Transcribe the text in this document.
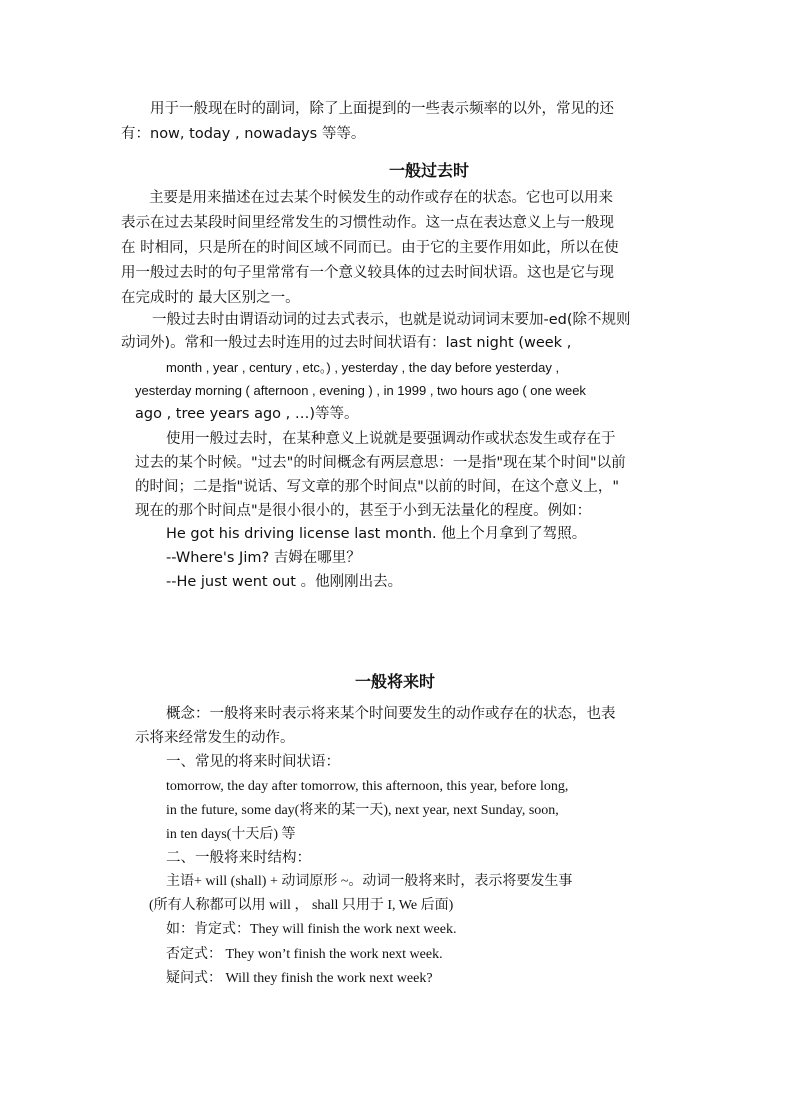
用于一般现在时的副词，除了上面提到的一些表示频率的以外，常见的还
有：now, today , nowadays 等等。
一般过去时
主要是用来描述在过去某个时候发生的动作或存在的状态。它也可以用来
表示在过去某段时间里经常发生的习惯性动作。这一点在表达意义上与一般现
在 时相同，只是所在的时间区域不同而已。由于它的主要作用如此，所以在使
用一般过去时的句子里常常有一个意义较具体的过去时间状语。这也是它与现
在完成时的 最大区别之一。
一般过去时由谓语动词的过去式表示，也就是说动词词末要加-ed(除不规则
动词外)。常和一般过去时连用的过去时间状语有：last night (week ,
month , year , century , etc。) , yesterday , the day before yesterday ,
yesterday morning ( afternoon , evening ) , in 1999 , two hours ago ( one week
ago , tree years ago , …)等等。
使用一般过去时，在某种意义上说就是要强调动作或状态发生或存在于
过去的某个时候。"过去"的时间概念有两层意思：一是指"现在某个时间"以前
的时间；二是指"说话、写文章的那个时间点"以前的时间，在这个意义上，"
现在的那个时间点"是很小很小的，甚至于小到无法量化的程度。例如：
He got his driving license last month. 他上个月拿到了驾照。
--Where's Jim? 吉姆在哪里？
--He just went out 。他刚刚出去。
一般将来时
概念：一般将来时表示将来某个时间要发生的动作或存在的状态，也表
示将来经常发生的动作。
一、常见的将来时间状语：
tomorrow, the day after tomorrow, this afternoon, this year, before long,
in the future, some day(将来的某一天), next year, next Sunday, soon,
in ten days(十天后) 等
二、一般将来时结构：
主语+ will (shall) + 动词原形 ~。动词一般将来时，表示将要发生事
(所有人称都可以用 will ， shall 只用于 I, We 后面)
如：肯定式：They will finish the work next week.
否定式： They won’t finish the work next week.
疑问式： Will they finish the work next week?
